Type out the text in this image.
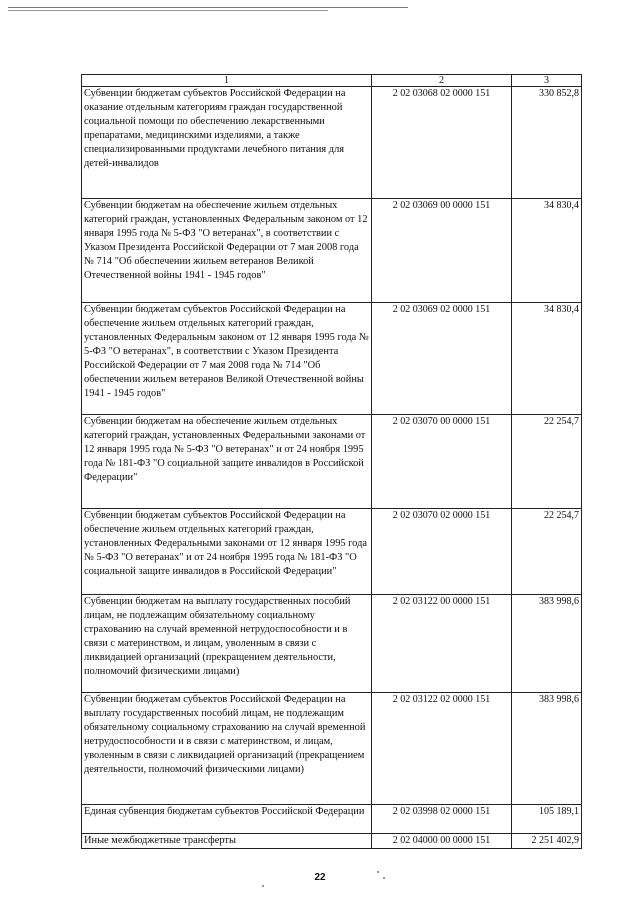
1	2	3
Субвенции бюджетам субъектов Российской Федерации на оказание отдельным категориям граждан государственной социальной помощи по обеспечению лекарственными препаратами, медицинскими изделиями, а также специализированными продуктами лечебного питания для детей-инвалидов	2 02 03068 02 0000 151	330 852,8
Субвенции бюджетам на обеспечение жильем отдельных категорий граждан, установленных Федеральным законом от 12 января 1995 года № 5-ФЗ "О ветеранах", в соответствии с Указом Президента Российской Федерации от 7 мая 2008 года № 714 "Об обеспечении жильем ветеранов Великой Отечественной войны 1941 - 1945 годов"	2 02 03069 00 0000 151	34 830,4
Субвенции бюджетам субъектов Российской Федерации на обеспечение жильем отдельных категорий граждан, установленных Федеральным законом от 12 января 1995 года № 5-ФЗ "О ветеранах", в соответствии с Указом Президента Российской Федерации от 7 мая 2008 года № 714 "Об обеспечении жильем ветеранов Великой Отечественной войны 1941 - 1945 годов"	2 02 03069 02 0000 151	34 830,4
Субвенции бюджетам на обеспечение жильем отдельных категорий граждан, установленных Федеральными законами от 12 января 1995 года № 5-ФЗ "О ветеранах" и от 24 ноября 1995 года № 181-ФЗ "О социальной защите инвалидов в Российской Федерации"	2 02 03070 00 0000 151	22 254,7
Субвенции бюджетам субъектов Российской Федерации на обеспечение жильем отдельных категорий граждан, установленных Федеральными законами от 12 января 1995 года № 5-ФЗ "О ветеранах" и от 24 ноября 1995 года № 181-ФЗ "О социальной защите инвалидов в Российской Федерации"	2 02 03070 02 0000 151	22 254,7
Субвенции бюджетам на выплату государственных пособий лицам, не подлежащим обязательному социальному страхованию на случай временной нетрудоспособности и в связи с материнством, и лицам, уволенным в связи с ликвидацией организаций (прекращением деятельности, полномочий физическими лицами)	2 02 03122 00 0000 151	383 998,6
Субвенции бюджетам субъектов Российской Федерации на выплату государственных пособий лицам, не подлежащим обязательному социальному страхованию на случай временной нетрудоспособности и в связи с материнством, и лицам, уволенным в связи с ликвидацией организаций (прекращением деятельности, полномочий физическими лицами)	2 02 03122 02 0000 151	383 998,6
Единая субвенция бюджетам субъектов Российской Федерации	2 02 03998 02 0000 151	105 189,1
Иные межбюджетные трансферты	2 02 04000 00 0000 151	2 251 402,9
22
